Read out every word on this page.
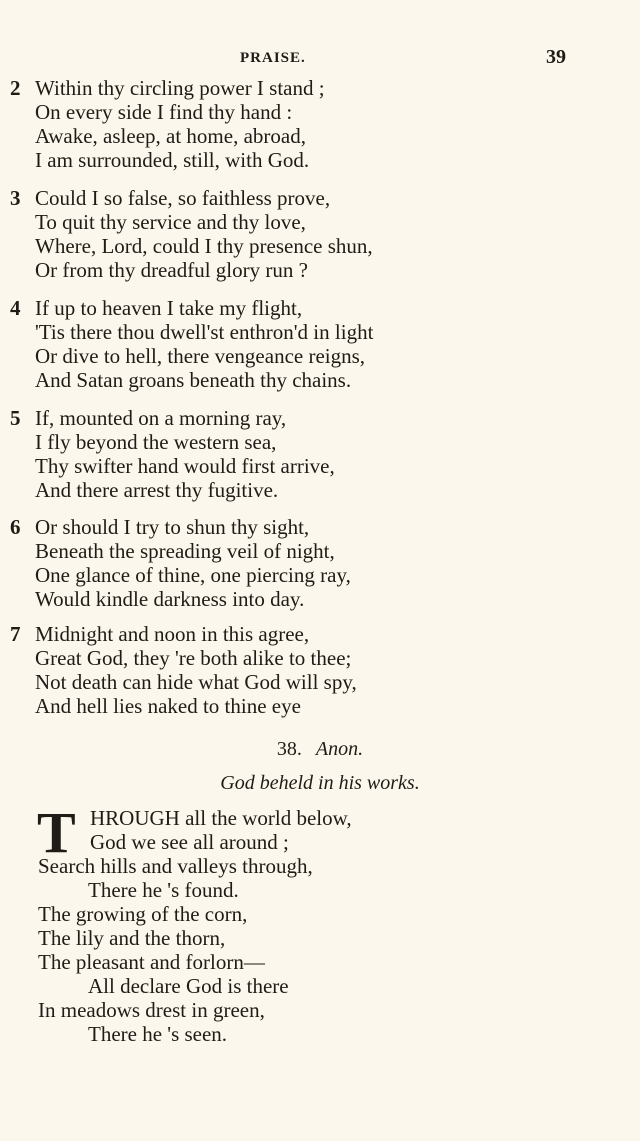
PRAISE.	39
2 Within thy circling power I stand ;
On every side I find thy hand :
Awake, asleep, at home, abroad,
I am surrounded, still, with God.
3 Could I so false, so faithless prove,
To quit thy service and thy love,
Where, Lord, could I thy presence shun,
Or from thy dreadful glory run ?
4 If up to heaven I take my flight,
'Tis there thou dwell'st enthron'd in light
Or dive to hell, there vengeance reigns,
And Satan groans beneath thy chains.
5 If, mounted on a morning ray,
I fly beyond the western sea,
Thy swifter hand would first arrive,
And there arrest thy fugitive.
6 Or should I try to shun thy sight,
Beneath the spreading veil of night,
One glance of thine, one piercing ray,
Would kindle darkness into day.
7 Midnight and noon in this agree,
Great God, they 're both alike to thee;
Not death can hide what God will spy,
And hell lies naked to thine eye
38. Anon.
God beheld in his works.
T HROUGH all the world below,
God we see all around ;
Search hills and valleys through,
There he 's found.
The growing of the corn,
The lily and the thorn,
The pleasant and forlorn—
All declare God is there
In meadows drest in green,
There he 's seen.
